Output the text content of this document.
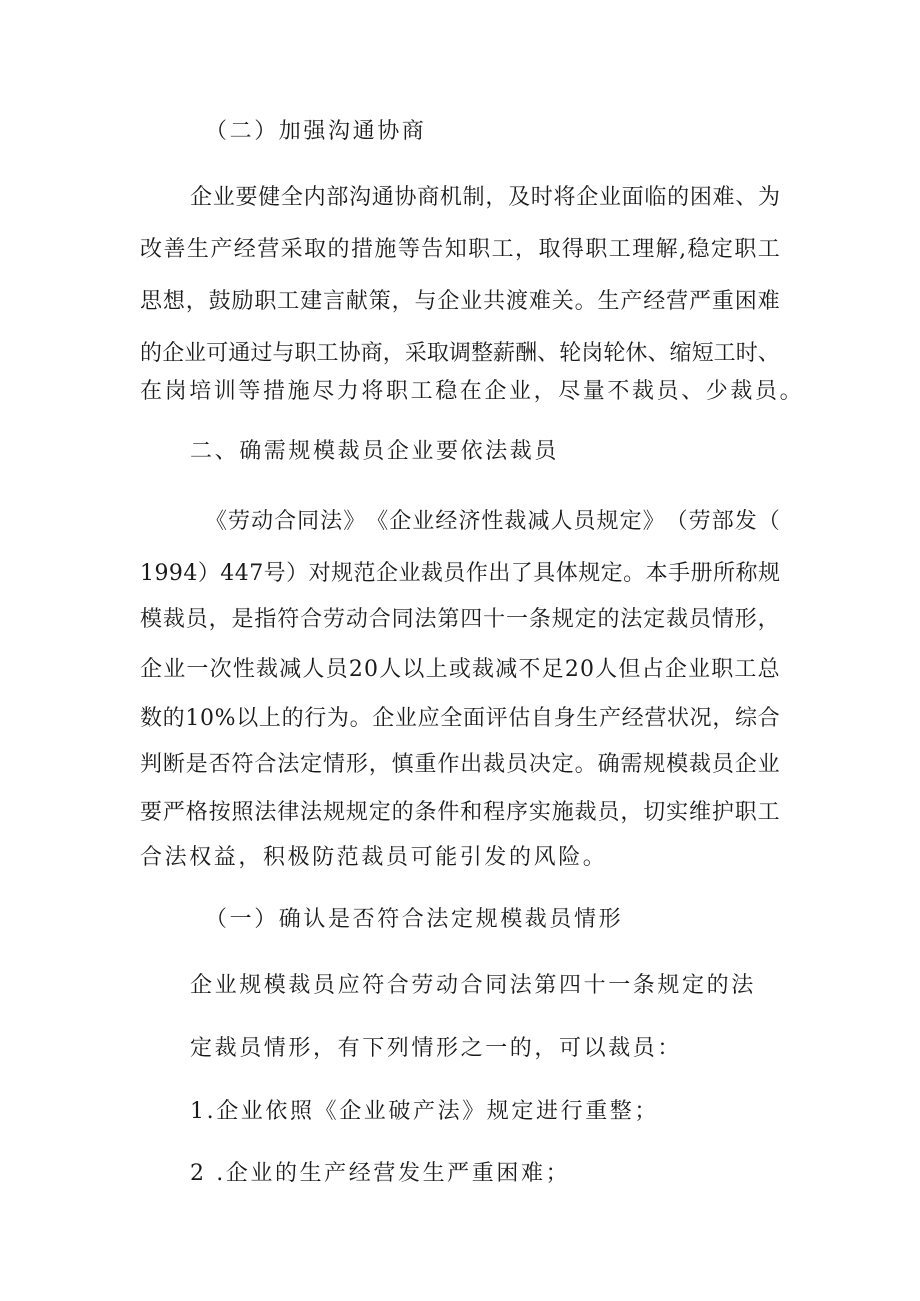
（二）加强沟通协商
企 业 要 健 全 内 部 沟 通 协 商 机 制 ， 及 时 将 企 业 面 临 的 困 难 、 为
改 善 生 产 经 营 采 取 的 措 施 等 告 知 职 工 ， 取 得 职 工 理 解 , 稳 定 职 工
思 想 ， 鼓 励 职 工 建 言 献 策 ， 与 企 业 共 渡 难 关 。 生 产 经 营 严 重 困 难
的 企 业 可 通 过 与 职 工 协 商 ， 采 取 调 整 薪 酬 、 轮 岗 轮 休 、 缩 短 工 时 、
在岗培训等措施尽力将职工稳在企业，尽量不裁员、少裁员。
二、确需规模裁员企业要依法裁员
《 劳 动 合 同 法 》 《 企 业 经 济 性 裁 减 人 员 规 定 》 （ 劳 部 发 （
1 9 9 4 ） 4 4 7 号 ） 对 规 范 企 业 裁 员 作 出 了 具 体 规 定 。 本 手 册 所 称 规
模 裁 员 ， 是 指 符 合 劳 动 合 同 法 第 四 十 一 条 规 定 的 法 定 裁 员 情 形 ，
企 业 一 次 性 裁 减 人 员 2 0 人 以 上 或 裁 减 不 足 2 0 人 但 占 企 业 职 工 总
数 的 1 0 % 以 上 的 行 为 。 企 业 应 全 面 评 估 自 身 生 产 经 营 状 况 ， 综 合
判 断 是 否 符 合 法 定 情 形 ， 慎 重 作 出 裁 员 决 定 。 确 需 规 模 裁 员 企 业
要 严 格 按 照 法 律 法 规 规 定 的 条 件 和 程 序 实 施 裁 员 ， 切 实 维 护 职 工
合法权益，积极防范裁员可能引发的风险。
（一）确认是否符合法定规模裁员情形
企业规模裁员应符合劳动合同法第四十一条规定的法
定裁员情形，有下列情形之一的，可以裁员：
1.企业依照《企业破产法》规定进行重整；
2 .企业的生产经营发生严重困难；
